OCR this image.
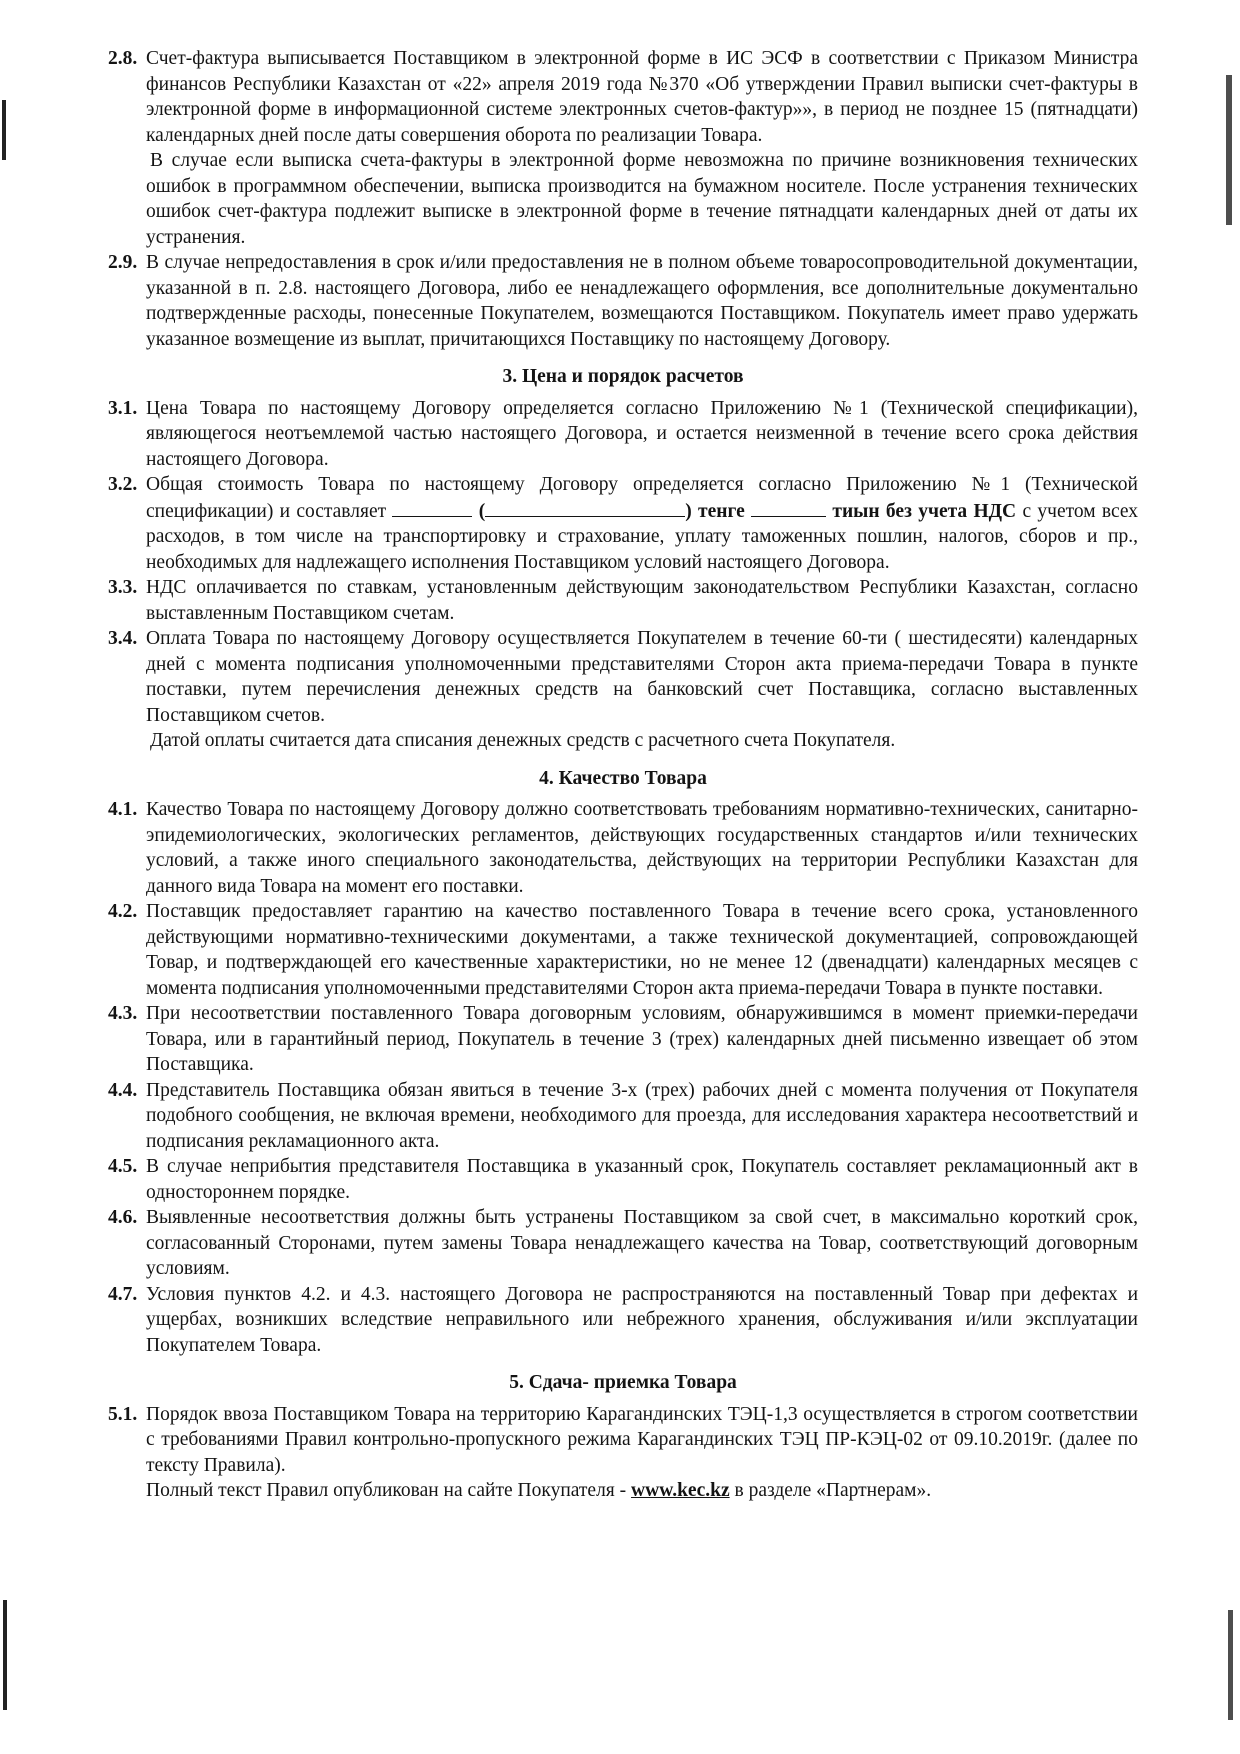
2.8. Счет-фактура выписывается Поставщиком в электронной форме в ИС ЭСФ в соответствии с Приказом Министра финансов Республики Казахстан от «22» апреля 2019 года №370 «Об утверждении Правил выписки счет-фактуры в электронной форме в информационной системе электронных счетов-фактур»», в период не позднее 15 (пятнадцати) календарных дней после даты совершения оборота по реализации Товара.
В случае если выписка счета-фактуры в электронной форме невозможна по причине возникновения технических ошибок в программном обеспечении, выписка производится на бумажном носителе. После устранения технических ошибок счет-фактура подлежит выписке в электронной форме в течение пятнадцати календарных дней от даты их устранения.
2.9. В случае непредоставления в срок и/или предоставления не в полном объеме товаросопроводительной документации, указанной в п. 2.8. настоящего Договора, либо ее ненадлежащего оформления, все дополнительные документально подтвержденные расходы, понесенные Покупателем, возмещаются Поставщиком. Покупатель имеет право удержать указанное возмещение из выплат, причитающихся Поставщику по настоящему Договору.
3. Цена и порядок расчетов
3.1. Цена Товара по настоящему Договору определяется согласно Приложению №1 (Технической спецификации), являющегося неотъемлемой частью настоящего Договора, и остается неизменной в течение всего срока действия настоящего Договора.
3.2. Общая стоимость Товара по настоящему Договору определяется согласно Приложению №1 (Технической спецификации) и составляет	(	) тенге	тиын без учета НДС с учетом всех расходов, в том числе на транспортировку и страхование, уплату таможенных пошлин, налогов, сборов и пр., необходимых для надлежащего исполнения Поставщиком условий настоящего Договора.
3.3. НДС оплачивается по ставкам, установленным действующим законодательством Республики Казахстан, согласно выставленным Поставщиком счетам.
3.4. Оплата Товара по настоящему Договору осуществляется Покупателем в течение 60-ти ( шестидесяти) календарных дней с момента подписания уполномоченными представителями Сторон акта приема-передачи Товара в пункте поставки, путем перечисления денежных средств на банковский счет Поставщика, согласно выставленных Поставщиком счетов.
Датой оплаты считается дата списания денежных средств с расчетного счета Покупателя.
4. Качество Товара
4.1. Качество Товара по настоящему Договору должно соответствовать требованиям нормативно-технических, санитарно-эпидемиологических, экологических регламентов, действующих государственных стандартов и/или технических условий, а также иного специального законодательства, действующих на территории Республики Казахстан для данного вида Товара на момент его поставки.
4.2. Поставщик предоставляет гарантию на качество поставленного Товара в течение всего срока, установленного действующими нормативно-техническими документами, а также технической документацией, сопровождающей Товар, и подтверждающей его качественные характеристики, но не менее 12 (двенадцати) календарных месяцев с момента подписания уполномоченными представителями Сторон акта приема-передачи Товара в пункте поставки.
4.3. При несоответствии поставленного Товара договорным условиям, обнаружившимся в момент приемки-передачи Товара, или в гарантийный период, Покупатель в течение 3 (трех) календарных дней письменно извещает об этом Поставщика.
4.4. Представитель Поставщика обязан явиться в течение 3-х (трех) рабочих дней с момента получения от Покупателя подобного сообщения, не включая времени, необходимого для проезда, для исследования характера несоответствий и подписания рекламационного акта.
4.5. В случае неприбытия представителя Поставщика в указанный срок, Покупатель составляет рекламационный акт в одностороннем порядке.
4.6. Выявленные несоответствия должны быть устранены Поставщиком за свой счет, в максимально короткий срок, согласованный Сторонами, путем замены Товара ненадлежащего качества на Товар, соответствующий договорным условиям.
4.7. Условия пунктов 4.2. и 4.3. настоящего Договора не распространяются на поставленный Товар при дефектах и ущербах, возникших вследствие неправильного или небрежного хранения, обслуживания и/или эксплуатации Покупателем Товара.
5. Сдача- приемка Товара
5.1. Порядок ввоза Поставщиком Товара на территорию Карагандинских ТЭЦ-1,3 осуществляется в строгом соответствии с требованиями Правил контрольно-пропускного режима Карагандинских ТЭЦ ПР-КЭЦ-02 от 09.10.2019г. (далее по тексту Правила).
Полный текст Правил опубликован на сайте Покупателя - www.kec.kz в разделе «Партнерам».
